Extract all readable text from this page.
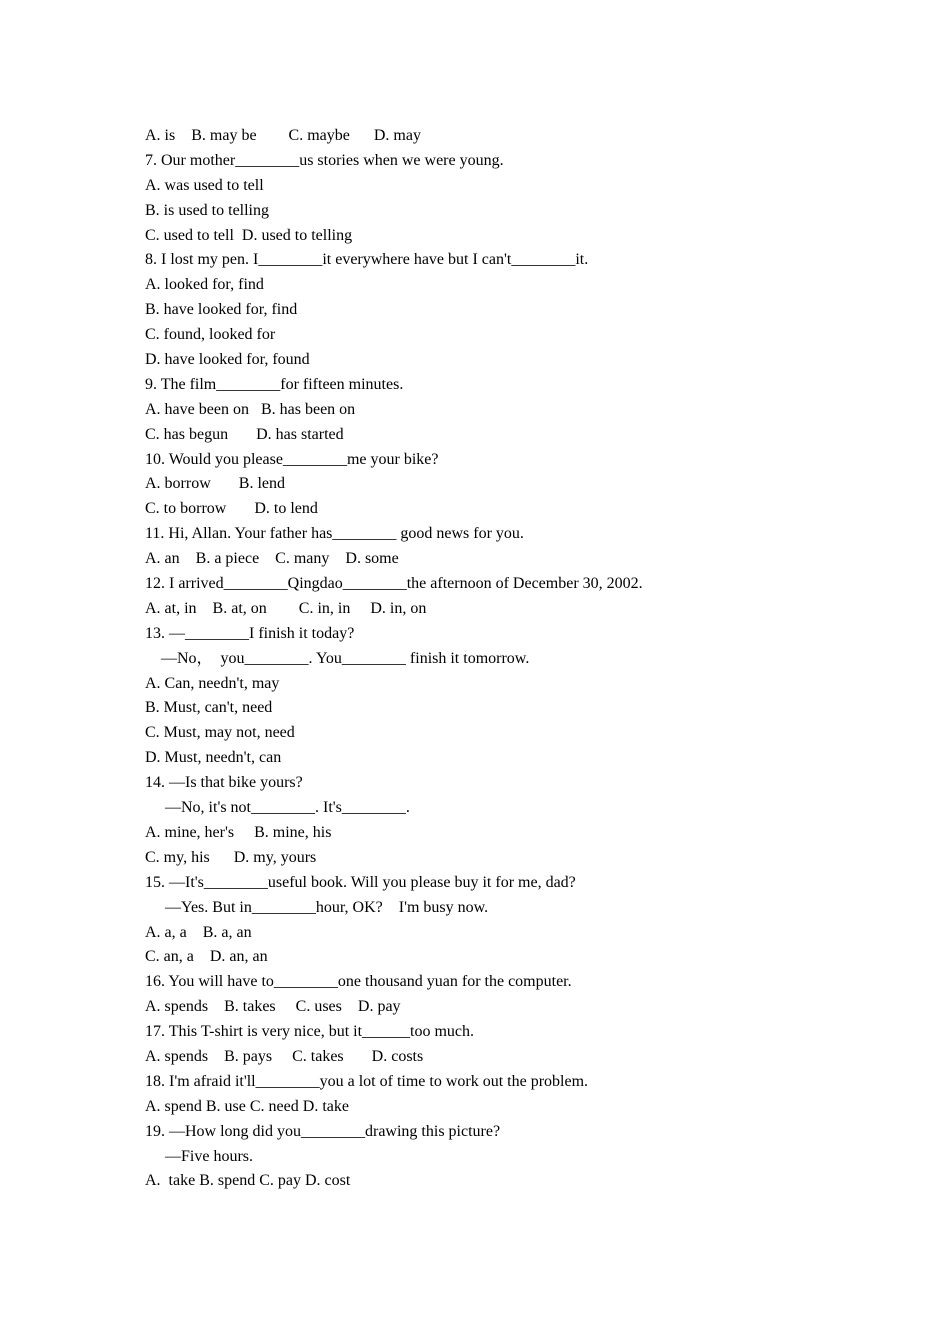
A. is    B. may be        C. maybe      D. may
7. Our mother________us stories when we were young.
A. was used to tell
B. is used to telling
C. used to tell  D. used to telling
8. I lost my pen. I________it everywhere have but I can't________it.
A. looked for, find
B. have looked for, find
C. found, looked for
D. have looked for, found
9. The film________for fifteen minutes.
A. have been on   B. has been on
C. has begun       D. has started
10. Would you please________me your bike?
A. borrow       B. lend
C. to borrow       D. to lend
11. Hi, Allan. Your father has________ good news for you.
A. an    B. a piece    C. many    D. some
12. I arrived________Qingdao________the afternoon of December 30, 2002.
A. at, in    B. at, on        C. in, in     D. in, on
13. —________I finish it today?
—No，  you________. You________ finish it tomorrow.
A. Can, needn't, may
B. Must, can't, need
C. Must, may not, need
D. Must, needn't, can
14. —Is that bike yours?
—No, it's not________. It's________.
A. mine, her's     B. mine, his
C. my, his      D. my, yours
15. —It's________useful book. Will you please buy it for me, dad?
—Yes. But in________hour, OK?    I'm busy now.
A. a, a    B. a, an
C. an, a    D. an, an
16. You will have to________one thousand yuan for the computer.
A. spends    B. takes     C. uses    D. pay
17. This T-shirt is very nice, but it______too much.
A. spends    B. pays     C. takes       D. costs
18. I'm afraid it'll________you a lot of time to work out the problem.
A. spend B. use C. need D. take
19. —How long did you________drawing this picture?
—Five hours.
A.  take B. spend C. pay D. cost
